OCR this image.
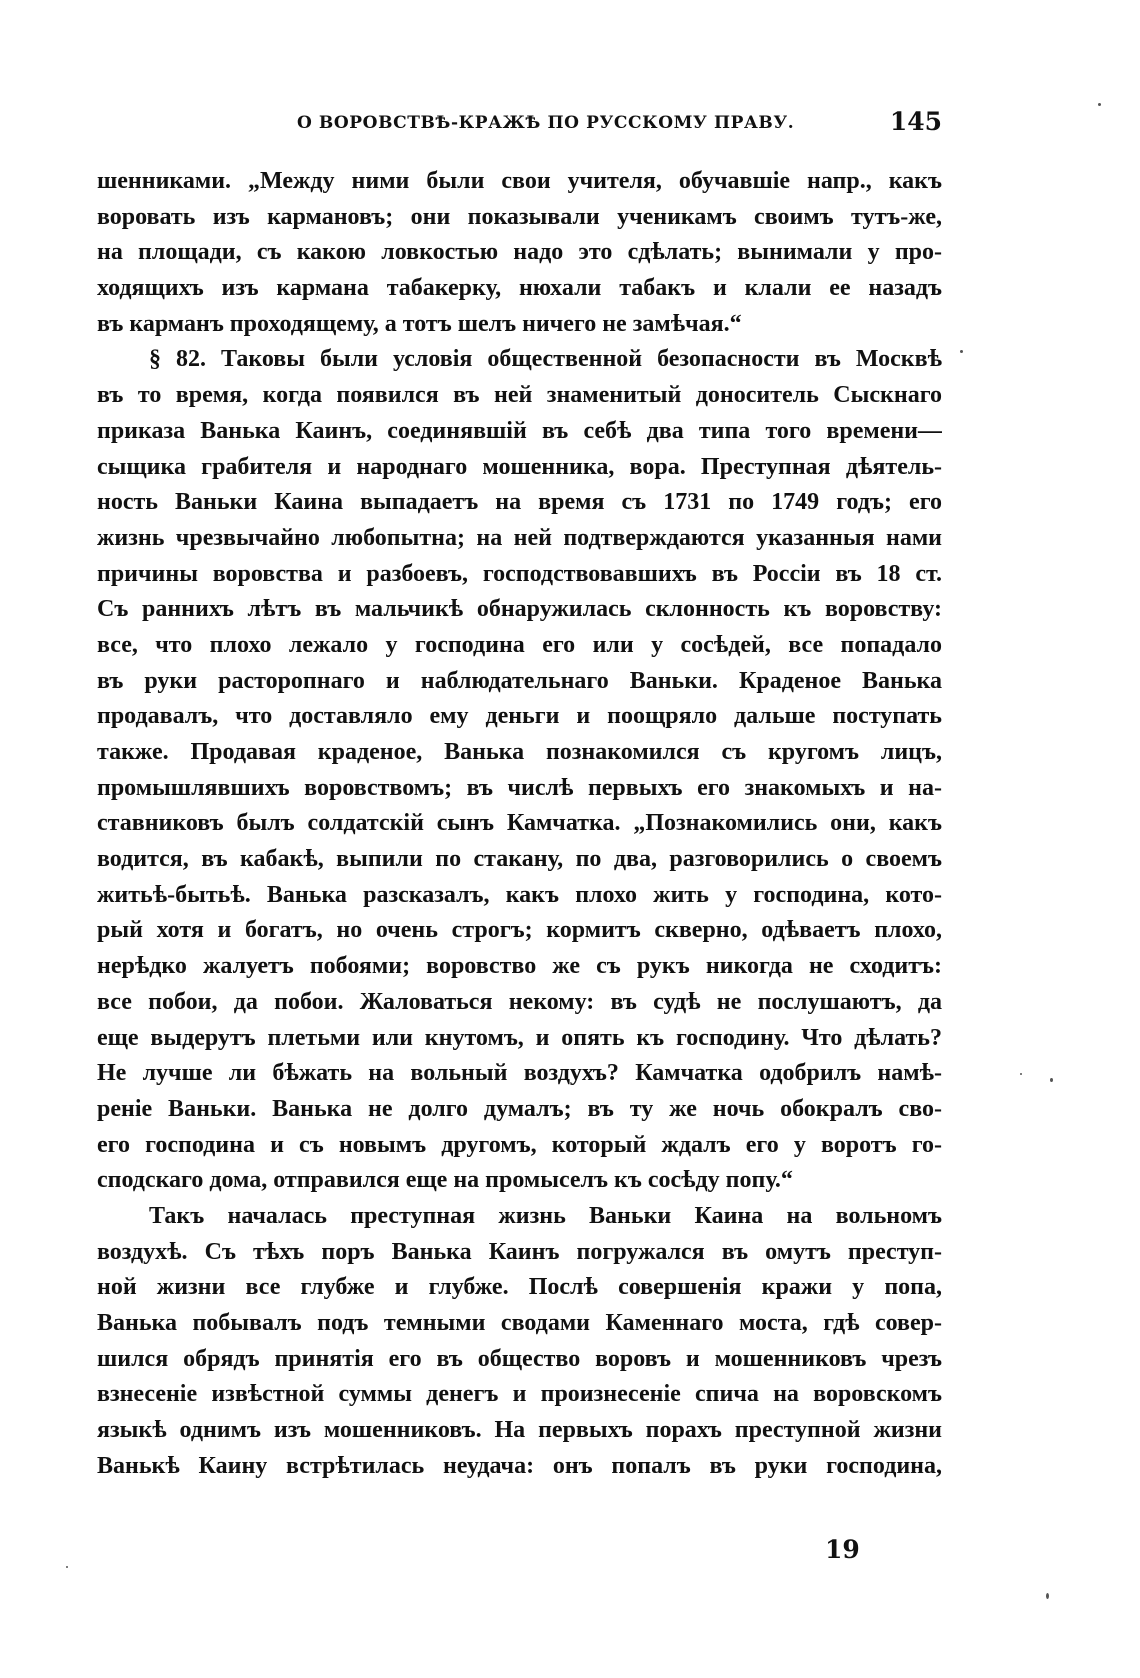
О ВОРОВСТВѢ-КРАЖѢ ПО РУССКОМУ ПРАВУ.	145
шенниками. „Между ними были свои учителя, обучавшіе напр., какъ
воровать изъ кармановъ; они показывали ученикамъ своимъ тутъ-же,
на площади, съ какою ловкостью надо это сдѣлать; вынимали у про-
ходящихъ изъ кармана табакерку, нюхали табакъ и клали ее назадъ
въ карманъ проходящему, а тотъ шелъ ничего не замѣчая.“
§ 82. Таковы были условія общественной безопасности въ Москвѣ
въ то время, когда появился въ ней знаменитый доноситель Сыскнаго
приказа Ванька Каинъ, соединявшій въ себѣ два типа того времени—
сыщика грабителя и народнаго мошенника, вора. Преступная дѣятель-
ность Ваньки Каина выпадаетъ на время съ 1731 по 1749 годъ; его
жизнь чрезвычайно любопытна; на ней подтверждаются указанныя нами
причины воровства и разбоевъ, господствовавшихъ въ Россіи въ 18 ст.
Съ раннихъ лѣтъ въ мальчикѣ обнаружилась склонность къ воровству:
все, что плохо лежало у господина его или у сосѣдей, все попадало
въ руки расторопнаго и наблюдательнаго Ваньки. Краденое Ванька
продавалъ, что доставляло ему деньги и поощряло дальше поступать
также. Продавая краденое, Ванька познакомился съ кругомъ лицъ,
промышлявшихъ воровствомъ; въ числѣ первыхъ его знакомыхъ и на-
ставниковъ былъ солдатскій сынъ Камчатка. „Познакомились они, какъ
водится, въ кабакѣ, выпили по стакану, по два, разговорились о своемъ
житьѣ-бытьѣ. Ванька разсказалъ, какъ плохо жить у господина, кото-
рый хотя и богатъ, но очень строгъ; кормитъ скверно, одѣваетъ плохо,
нерѣдко жалуетъ побоями; воровство же съ рукъ никогда не сходитъ:
все побои, да побои. Жаловаться некому: въ судѣ не послушаютъ, да
еще выдерутъ плетьми или кнутомъ, и опять къ господину. Что дѣлать?
Не лучше ли бѣжать на вольный воздухъ? Камчатка одобрилъ намѣ-
реніе Ваньки. Ванька не долго думалъ; въ ту же ночь обокралъ сво-
его господина и съ новымъ другомъ, который ждалъ его у воротъ го-
сподскаго дома, отправился еще на промыселъ къ сосѣду попу.“
Такъ началась преступная жизнь Ваньки Каина на вольномъ
воздухѣ. Съ тѣхъ поръ Ванька Каинъ погружался въ омутъ преступ-
ной жизни все глубже и глубже. Послѣ совершенія кражи у попа,
Ванька побывалъ подъ темными сводами Каменнаго моста, гдѣ совер-
шился обрядъ принятія его въ общество воровъ и мошенниковъ чрезъ
взнесеніе извѣстной суммы денегъ и произнесеніе спича на воровскомъ
языкѣ однимъ изъ мошенниковъ. На первыхъ порахъ преступной жизни
Ванькѣ Каину встрѣтилась неудача: онъ попалъ въ руки господина,
19
